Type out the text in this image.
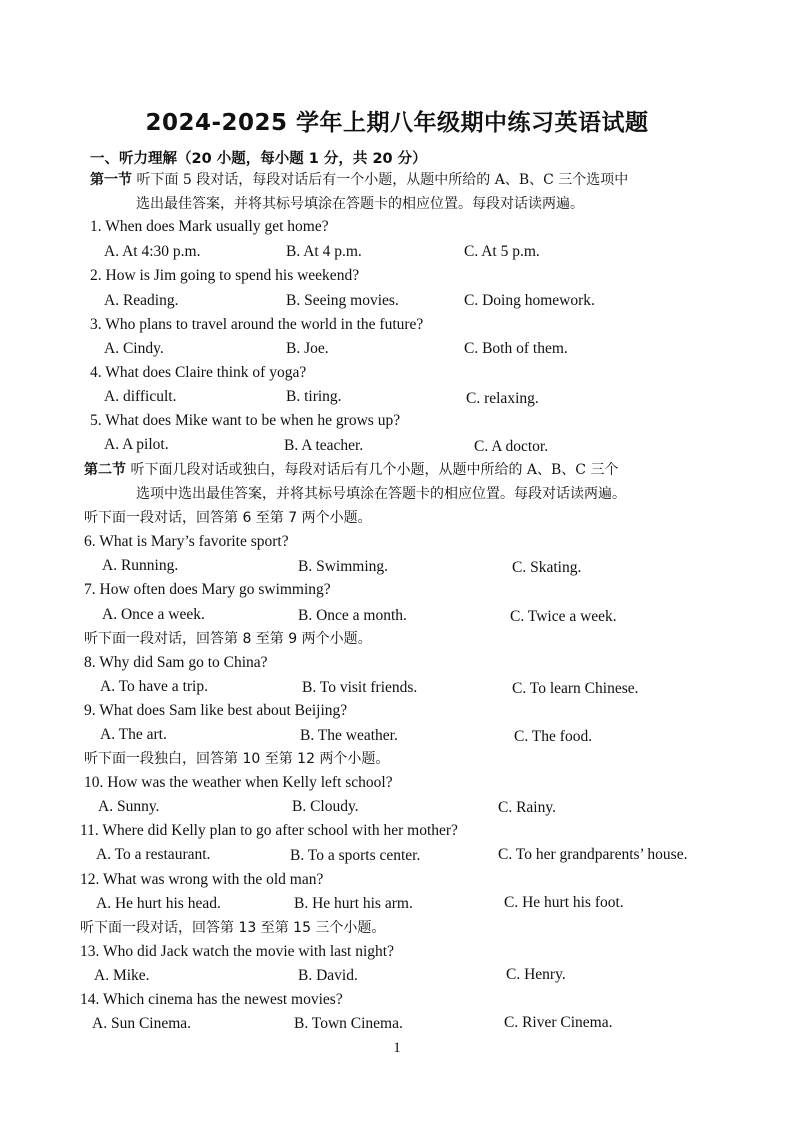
2024-2025 学年上期八年级期中练习英语试题
一、听力理解（20 小题，每小题 1 分，共 20 分）
第一节 听下面 5 段对话，每段对话后有一个小题，从题中所给的 A、B、C 三个选项中
选出最佳答案，并将其标号填涂在答题卡的相应位置。每段对话读两遍。
1. When does Mark usually get home?
A. At 4:30 p.m.	B. At 4 p.m.	C. At 5 p.m.
2. How is Jim going to spend his weekend?
A. Reading.	B. Seeing movies.	C. Doing homework.
3. Who plans to travel around the world in the future?
A. Cindy.	B. Joe.	C. Both of them.
4. What does Claire think of yoga?
A. difficult.	B. tiring.	C. relaxing.
5. What does Mike want to be when he grows up?
A. A pilot.	B. A teacher.	C. A doctor.
第二节 听下面几段对话或独白，每段对话后有几个小题，从题中所给的 A、B、C 三个
选项中选出最佳答案，并将其标号填涂在答题卡的相应位置。每段对话读两遍。
听下面一段对话，回答第 6 至第 7 两个小题。
6. What is Mary’s favorite sport?
A. Running.	B. Swimming.	C. Skating.
7. How often does Mary go swimming?
A. Once a week.	B. Once a month.	C. Twice a week.
听下面一段对话，回答第 8 至第 9 两个小题。
8. Why did Sam go to China?
A. To have a trip.	B. To visit friends.	C. To learn Chinese.
9. What does Sam like best about Beijing?
A. The art.	B. The weather.	C. The food.
听下面一段独白，回答第 10 至第 12 两个小题。
10. How was the weather when Kelly left school?
A. Sunny.	B. Cloudy.	C. Rainy.
11. Where did Kelly plan to go after school with her mother?
A. To a restaurant.	B. To a sports center.	C. To her grandparents’ house.
12. What was wrong with the old man?
A. He hurt his head.	B. He hurt his arm.	C. He hurt his foot.
听下面一段对话，回答第 13 至第 15 三个小题。
13. Who did Jack watch the movie with last night?
A. Mike.	B. David.	C. Henry.
14. Which cinema has the newest movies?
A. Sun Cinema.	B. Town Cinema.	C. River Cinema.
1
